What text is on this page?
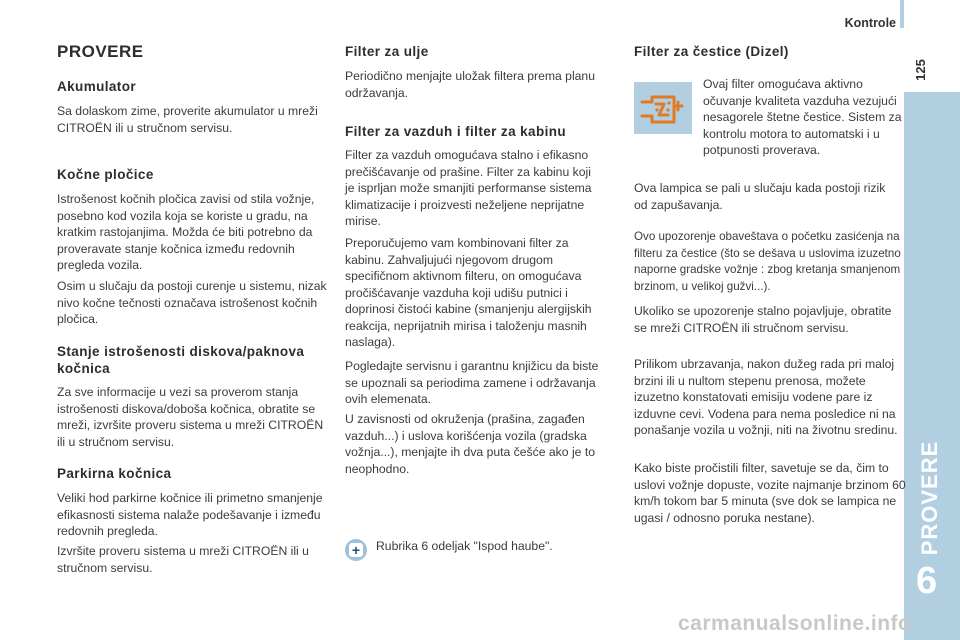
Kontrole
125
PROVERE
6
PROVERE
Akumulator

Sa dolaskom zime, proverite akumulator u mreži CITROËN ili u stručnom servisu.

Kočne pločice

Istrošenost kočnih pločica zavisi od stila vožnje, posebno kod vozila koja se koriste u gradu, na kratkim rastojanjima. Možda će biti potrebno da proveravate stanje kočnica između redovnih pregleda vozila.

Osim u slučaju da postoji curenje u sistemu, nizak nivo kočne tečnosti označava istrošenost kočnih pločica.

Stanje istrošenosti diskova/paknova kočnica

Za sve informacije u vezi sa proverom stanja istrošenosti diskova/doboša kočnica, obratite se mreži, izvršite proveru sistema u mreži CITROËN ili u stručnom servisu.

Parkirna kočnica

Veliki hod parkirne kočnice ili primetno smanjenje efikasnosti sistema nalaže podešavanje i između redovnih pregleda.

Izvršite proveru sistema u mreži CITROËN ili u stručnom servisu.

Filter za ulje

Periodično menjajte uložak filtera prema planu održavanja.

Filter za vazduh i filter za kabinu

Filter za vazduh omogućava stalno i efikasno prečišćavanje od prašine. Filter za kabinu koji je isprljan može smanjiti performanse sistema klimatizacije i proizvesti neželjene neprijatne mirise.

Preporučujemo vam kombinovani filter za kabinu. Zahvaljujući njegovom drugom specifičnom aktivnom filteru, on omogućava pročišćavanje vazduha koji udišu putnici i doprinosi čistoći kabine (smanjenju alergijskih reakcija, neprijatnih mirisa i taloženju masnih naslaga).

Pogledajte servisnu i garantnu knjižicu da biste se upoznali sa periodima zamene i održavanja ovih elemenata.

U zavisnosti od okruženja (prašina, zagađen vazduh...) i uslova korišćenja vozila (gradska vožnja...), menjajte ih dva puta češće ako je to neophodno.

+ Rubrika 6 odeljak "Ispod haube".

Filter za čestice (Dizel)

Ovaj filter omogućava aktivno očuvanje kvaliteta vazduha vezujući nesagorele štetne čestice. Sistem za kontrolu motora to automatski i u potpunosti proverava.

Ova lampica se pali u slučaju kada postoji rizik od zapušavanja.

Ovo upozorenje obaveštava o početku zasićenja na filteru za čestice (što se dešava u uslovima izuzetno naporne gradske vožnje : zbog kretanja smanjenom brzinom, u velikoj gužvi...).

Ukoliko se upozorenje stalno pojavljuje, obratite se mreži CITROËN ili stručnom servisu.

Prilikom ubrzavanja, nakon dužeg rada pri maloj brzini ili u nultom stepenu prenosa, možete izuzetno konstatovati emisiju vodene pare iz izduvne cevi. Vodena para nema posledice ni na ponašanje vozila u vožnji, niti na životnu sredinu.

Kako biste pročistili filter, savetuje se da, čim to uslovi vožnje dopuste, vozite najmanje brzinom 60 km/h tokom bar 5 minuta (sve dok se lampica ne ugasi / odnosno poruka nestane).

carmanualsonline.info
